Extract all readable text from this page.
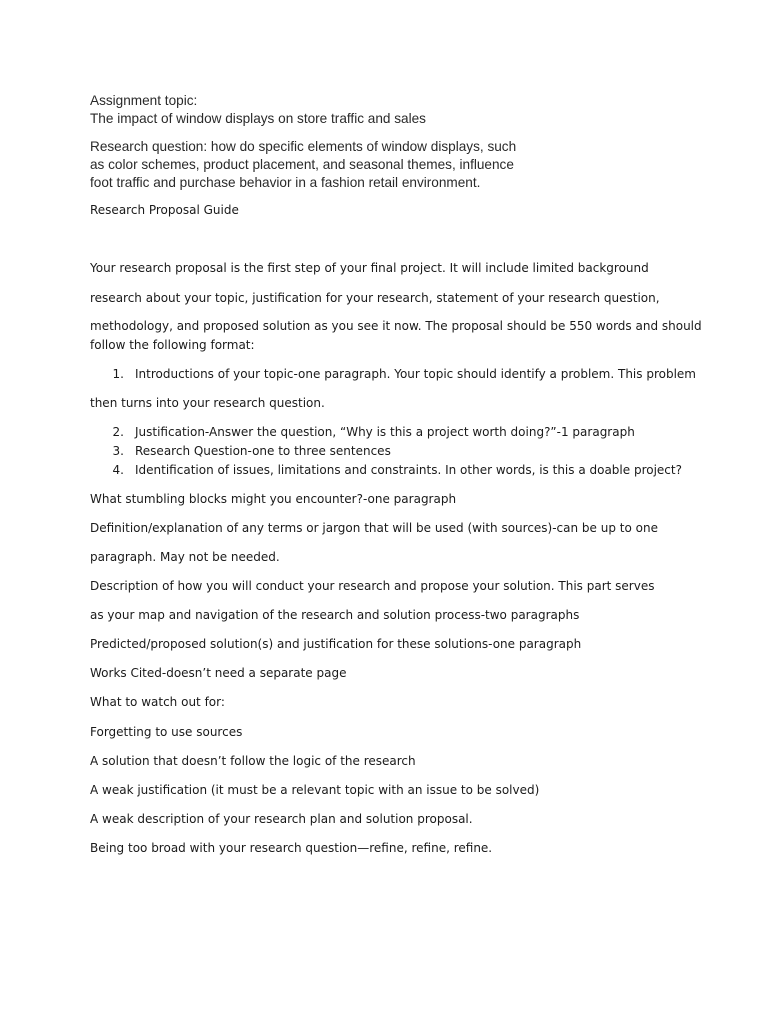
Assignment topic:
The impact of window displays on store traffic and sales
Research question: how do specific elements of window displays, such
as color schemes, product placement, and seasonal themes, influence
foot traffic and purchase behavior in a fashion retail environment.
Research Proposal Guide
Your research proposal is the first step of your final project. It will include limited background
research about your topic, justification for your research, statement of your research question,
methodology, and proposed solution as you see it now. The proposal should be 550 words and should
follow the following format:
1. Introductions of your topic-one paragraph. Your topic should identify a problem. This problem
then turns into your research question.
2. Justification-Answer the question, “Why is this a project worth doing?”-1 paragraph
3. Research Question-one to three sentences
4. Identification of issues, limitations and constraints. In other words, is this a doable project?
What stumbling blocks might you encounter?-one paragraph
Definition/explanation of any terms or jargon that will be used (with sources)-can be up to one
paragraph. May not be needed.
Description of how you will conduct your research and propose your solution. This part serves
as your map and navigation of the research and solution process-two paragraphs
Predicted/proposed solution(s) and justification for these solutions-one paragraph
Works Cited-doesn’t need a separate page
What to watch out for:
Forgetting to use sources
A solution that doesn’t follow the logic of the research
A weak justification (it must be a relevant topic with an issue to be solved)
A weak description of your research plan and solution proposal.
Being too broad with your research question—refine, refine, refine.
